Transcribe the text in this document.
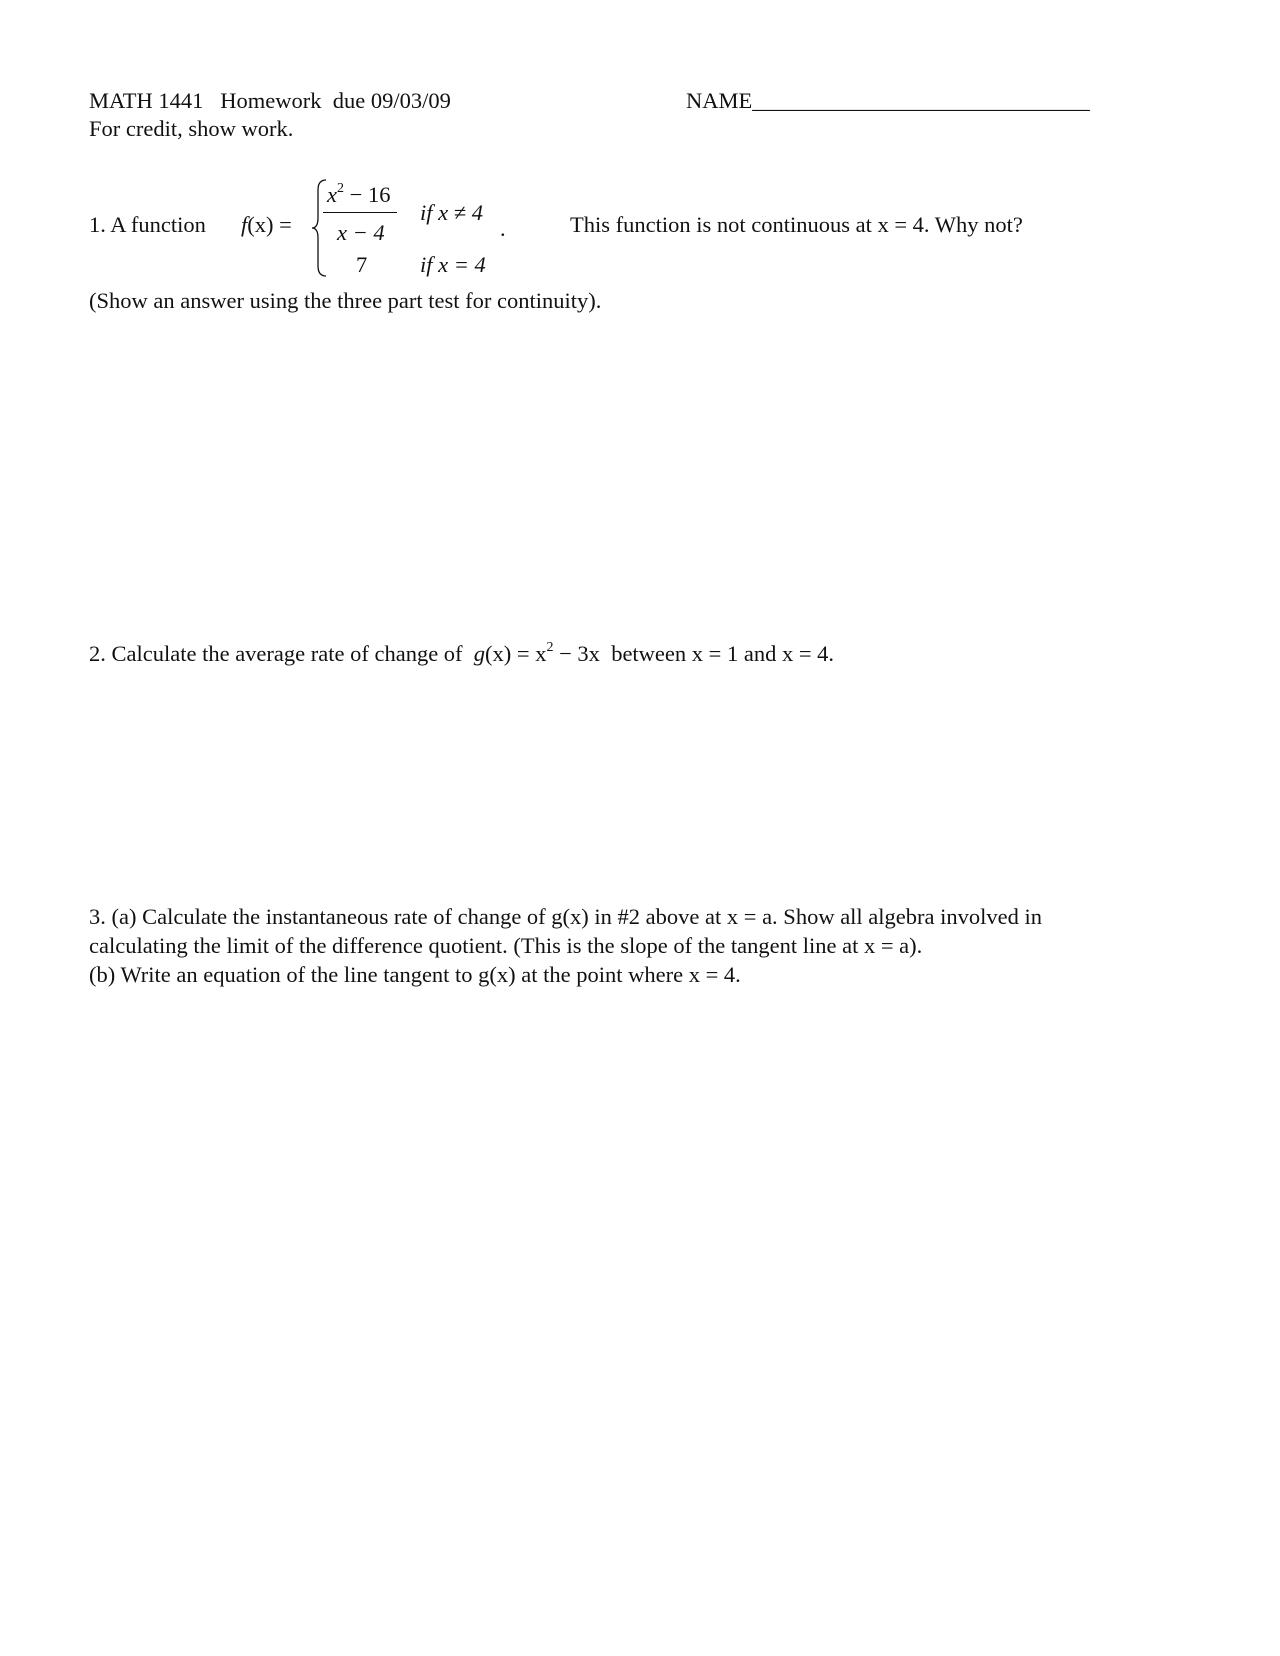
MATH 1441 Homework due 09/03/09	NAME______________________________
For credit, show work.
1. A function f(x) =
$x^2 - 16$
x − 4
if x ≠ 4
.
7 if x = 4
This function is not continuous at x = 4. Why not?
(Show an answer using the three part test for continuity).
2. Calculate the average rate of change of $g(x) = x^2 - 3x$ between x = 1 and x = 4.
3. (a) Calculate the instantaneous rate of change of g(x) in #2 above at x = a. Show all algebra involved in
calculating the limit of the difference quotient. (This is the slope of the tangent line at x = a).
(b) Write an equation of the line tangent to g(x) at the point where x = 4.
